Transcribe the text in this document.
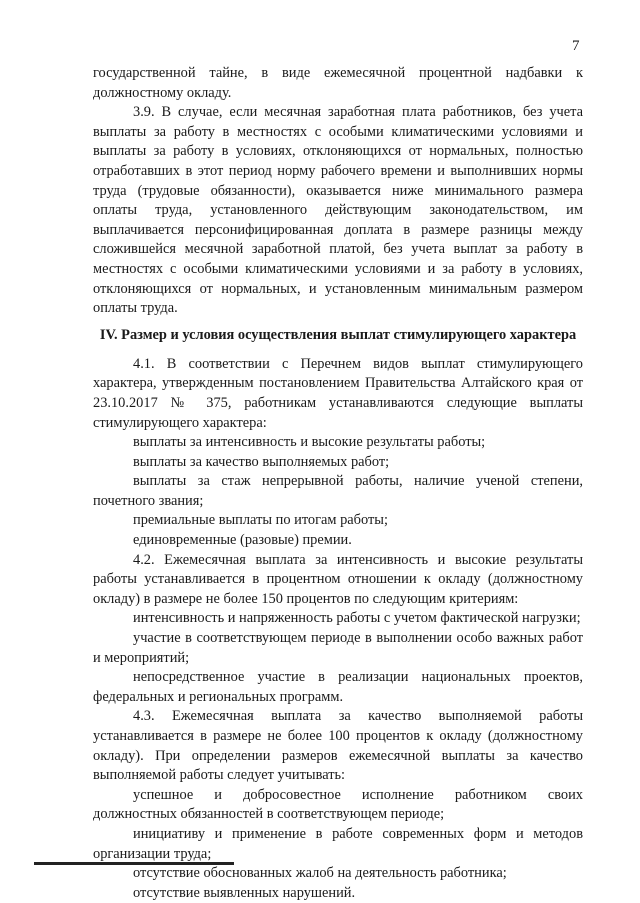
7

государственной тайне, в виде ежемесячной процентной надбавки к должностному окладу.

3.9. В случае, если месячная заработная плата работников, без учета выплаты за работу в местностях с особыми климатическими условиями и выплаты за работу в условиях, отклоняющихся от нормальных, полностью отработавших в этот период норму рабочего времени и выполнивших нормы труда (трудовые обязанности), оказывается ниже минимального размера оплаты труда, установленного действующим законодательством, им выплачивается персонифицированная доплата в размере разницы между сложившейся месячной заработной платой, без учета выплат за работу в местностях с особыми климатическими условиями и за работу в условиях, отклоняющихся от нормальных, и установленным минимальным размером оплаты труда.

IV. Размер и условия осуществления выплат стимулирующего характера

4.1. В соответствии с Перечнем видов выплат стимулирующего характера, утвержденным постановлением Правительства Алтайского края от 23.10.2017 № 375, работникам устанавливаются следующие выплаты стимулирующего характера:

выплаты за интенсивность и высокие результаты работы;

выплаты за качество выполняемых работ;

выплаты за стаж непрерывной работы, наличие ученой степени, почетного звания;

премиальные выплаты по итогам работы;

единовременные (разовые) премии.

4.2. Ежемесячная выплата за интенсивность и высокие результаты работы устанавливается в процентном отношении к окладу (должностному окладу) в размере не более 150 процентов по следующим критериям:

интенсивность и напряженность работы с учетом фактической нагрузки;

участие в соответствующем периоде в выполнении особо важных работ и мероприятий;

непосредственное участие в реализации национальных проектов, федеральных и региональных программ.

4.3. Ежемесячная выплата за качество выполняемой работы устанавливается в размере не более 100 процентов к окладу (должностному окладу). При определении размеров ежемесячной выплаты за качество выполняемой работы следует учитывать:

успешное и добросовестное исполнение работником своих должностных обязанностей в соответствующем периоде;

инициативу и применение в работе современных форм и методов организации труда;

отсутствие обоснованных жалоб на деятельность работника;

отсутствие выявленных нарушений.
